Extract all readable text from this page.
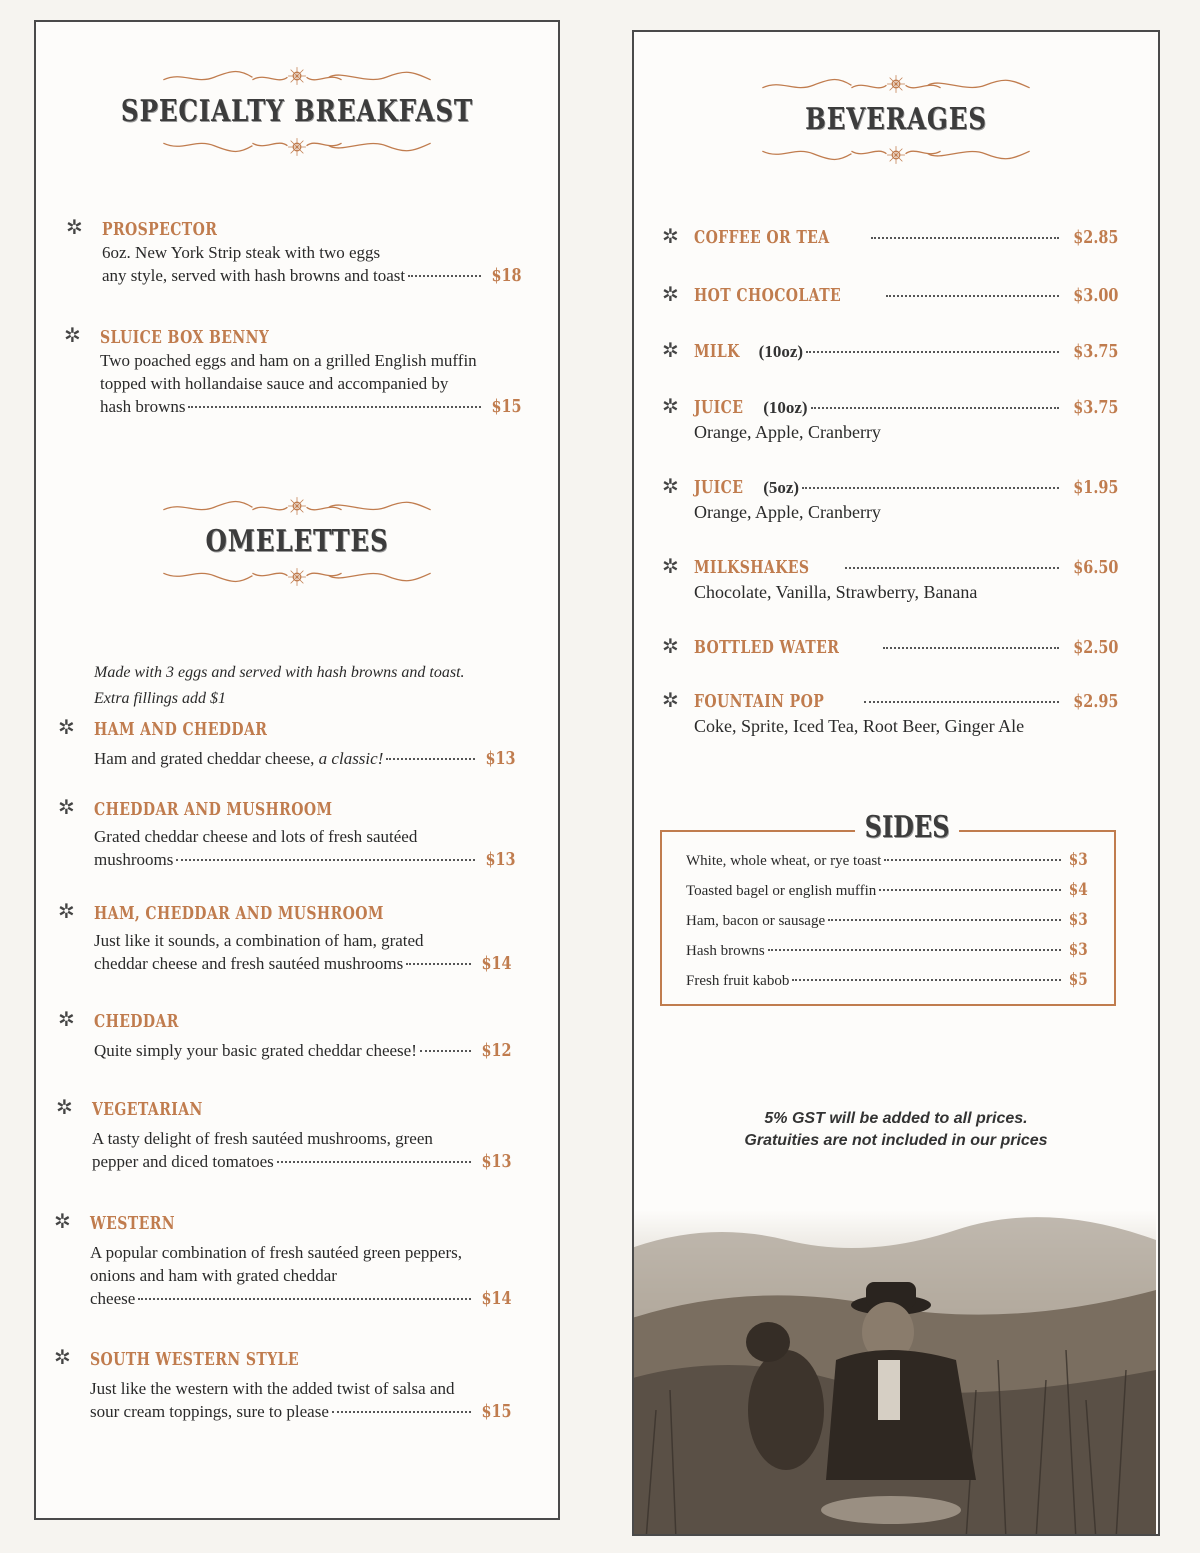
SPECIALTY BREAKFAST
✲ PROSPECTOR
6oz. New York Strip steak with two eggs
any style, served with hash browns and toast	$18
✲ SLUICE BOX BENNY
Two poached eggs and ham on a grilled English muffin
topped with hollandaise sauce and accompanied by
hash browns	$15
OMELETTES
Made with 3 eggs and served with hash browns and toast.
Extra fillings add $1
✲ HAM AND CHEDDAR
Ham and grated cheddar cheese,
a classic!	$13
✲ CHEDDAR AND MUSHROOM
Grated cheddar cheese and lots of fresh sautéed
mushrooms	$13
✲ HAM, CHEDDAR AND MUSHROOM
Just like it sounds, a combination of ham, grated
cheddar cheese and fresh sautéed mushrooms	$14
✲ CHEDDAR
Quite simply your basic grated cheddar cheese!	$12
✲ VEGETARIAN
A tasty delight of fresh sautéed mushrooms, green
pepper and diced tomatoes	$13
✲ WESTERN
A popular combination of fresh sautéed green peppers,
onions and ham with grated cheddar
cheese	$14
✲ SOUTH WESTERN STYLE
Just like the western with the added twist of salsa and
sour cream toppings, sure to please	$15
BEVERAGES
✲ COFFEE OR TEA	$2.85
✲ HOT CHOCOLATE	$3.00
✲ MILK (10oz)	$3.75
✲ JUICE (10oz)	$3.75
Orange, Apple, Cranberry
✲ JUICE (5oz)	$1.95
Orange, Apple, Cranberry
✲ MILKSHAKES	$6.50
Chocolate, Vanilla, Strawberry, Banana
✲ BOTTLED WATER	$2.50
✲ FOUNTAIN POP	$2.95
Coke, Sprite, Iced Tea, Root Beer, Ginger Ale
SIDES
White, whole wheat, or rye toast	$3
Toasted bagel or english muffin	$4
Ham, bacon or sausage	$3
Hash browns	$3
Fresh fruit kabob	$5
5% GST will be added to all prices.
Gratuities are not included in our prices
